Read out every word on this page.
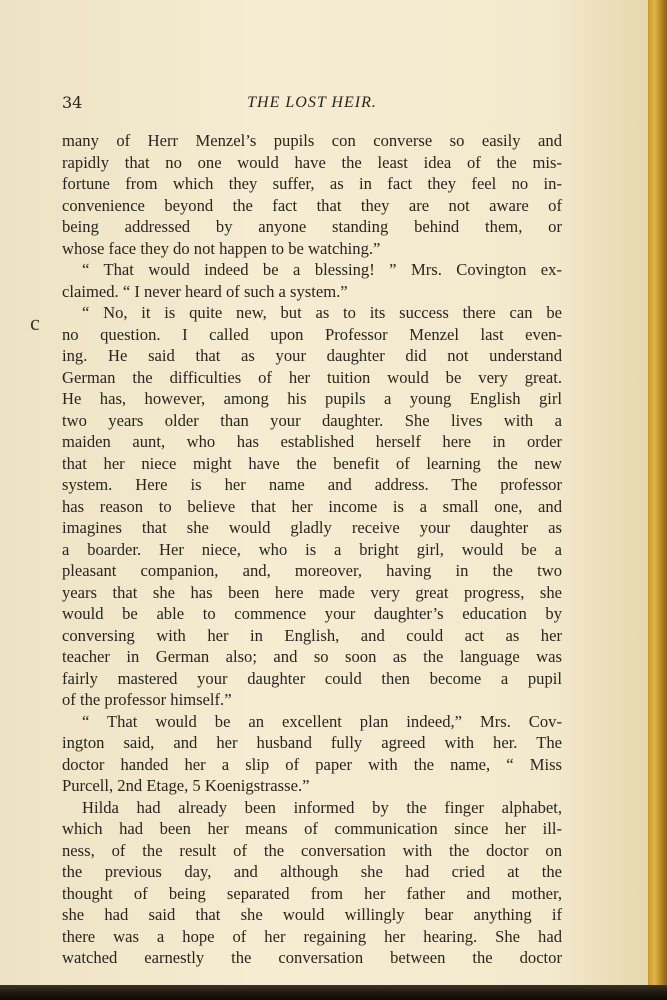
34	THE LOST HEIR.
c
many of Herr Menzel’s pupils con converse so easily and
rapidly that no one would have the least idea of the mis-
fortune from which they suffer, as in fact they feel no in-
convenience beyond the fact that they are not aware of
being addressed by anyone standing behind them, or
whose face they do not happen to be watching.”
“ That would indeed be a blessing! ” Mrs. Covington ex-
claimed. “ I never heard of such a system.”
“ No, it is quite new, but as to its success there can be
no question. I called upon Professor Menzel last even-
ing. He said that as your daughter did not understand
German the difficulties of her tuition would be very great.
He has, however, among his pupils a young English girl
two years older than your daughter. She lives with a
maiden aunt, who has established herself here in order
that her niece might have the benefit of learning the new
system. Here is her name and address. The professor
has reason to believe that her income is a small one, and
imagines that she would gladly receive your daughter as
a boarder. Her niece, who is a bright girl, would be a
pleasant companion, and, moreover, having in the two
years that she has been here made very great progress, she
would be able to commence your daughter’s education by
conversing with her in English, and could act as her
teacher in German also; and so soon as the language was
fairly mastered your daughter could then become a pupil
of the professor himself.”
“ That would be an excellent plan indeed,” Mrs. Cov-
ington said, and her husband fully agreed with her. The
doctor handed her a slip of paper with the name, “ Miss
Purcell, 2nd Etage, 5 Koenigstrasse.”
Hilda had already been informed by the finger alphabet,
which had been her means of communication since her ill-
ness, of the result of the conversation with the doctor on
the previous day, and although she had cried at the
thought of being separated from her father and mother,
she had said that she would willingly bear anything if
there was a hope of her regaining her hearing. She had
watched earnestly the conversation between the doctor
